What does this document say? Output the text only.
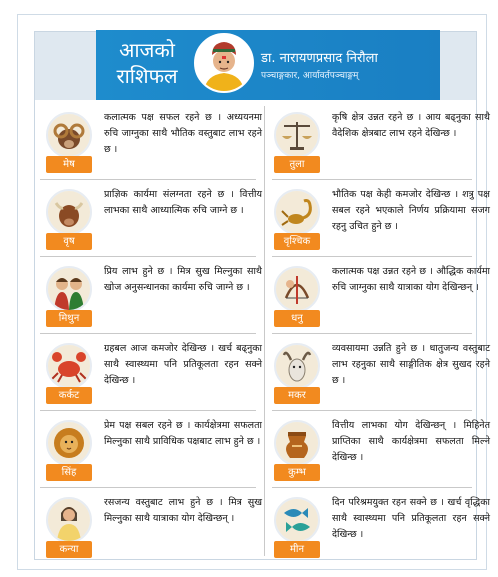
आजको
राशिफल
डा. नारायणप्रसाद निरौला
पञ्चाङ्गकार, आर्यावर्तपञ्चाङ्गम्
मेष
कलात्मक पक्ष सफल रहने छ । अध्ययनमा रुचि जाग्नुका साथै भौतिक वस्तुबाट लाभ रहने छ ।
वृष
प्राज्ञिक कार्यमा संलग्नता रहने छ । वित्तीय लाभका साथै आध्यात्मिक रुचि जाग्ने छ ।
मिथुन
प्रिय लाभ हुने छ । मित्र सुख मिल्नुका साथै खोज अनुसन्धानका कार्यमा रुचि जाग्ने छ ।
कर्कट
ग्रहबल आज कमजोर देखिन्छ । खर्च बढ्नुका साथै स्वास्थ्यमा पनि प्रतिकूलता रहन सक्ने देखिन्छ ।
सिंह
प्रेम पक्ष सबल रहने छ । कार्यक्षेत्रमा सफलता मिल्नुका साथै प्राविधिक पक्षबाट लाभ हुने छ ।
कन्या
रसजन्य वस्तुबाट लाभ हुने छ । मित्र सुख मिल्नुका साथै यात्राका योग देखिन्छन् ।
तुला
कृषि क्षेत्र उन्नत रहने छ । आय बढ्नुका साथै वैदेशिक क्षेत्रबाट लाभ रहने देखिन्छ ।
वृश्चिक
भौतिक पक्ष केही कमजोर देखिन्छ । शत्रु पक्ष सबल रहने भएकाले निर्णय प्रक्रियामा सजग रहनु उचित हुने छ ।
धनु
कलात्मक पक्ष उन्नत रहने छ । औद्धिक कार्यमा रुचि जाग्नुका साथै यात्राका योग देखिन्छन् ।
मकर
व्यवसायमा उन्नति हुने छ । धातुजन्य वस्तुबाट लाभ रहनुका साथै साङ्गीतिक क्षेत्र सुखद रहने छ ।
कुम्भ
वित्तीय लाभका योग देखिन्छन् । मिहिनेत प्राप्तिका साथै कार्यक्षेत्रमा सफलता मिल्ने देखिन्छ ।
मीन
दिन परिश्रमयुक्त रहन सक्ने छ । खर्च वृद्धिका साथै स्वास्थ्यमा पनि प्रतिकूलता रहन सक्ने देखिन्छ ।
